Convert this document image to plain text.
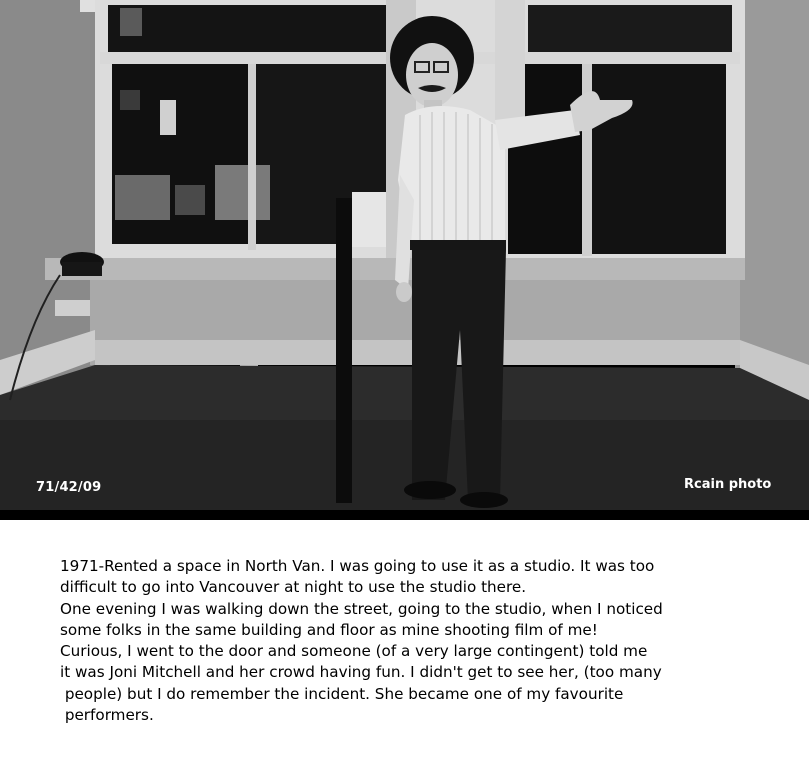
71/42/09	Rcain photo
1971-Rented a space in North Van. I was going to use it as a studio. It was too
difficult to go into Vancouver at night to use the studio there.
One evening I was walking down the street, going to the studio, when I noticed
some folks in the same building and floor as mine shooting film of me!
Curious, I went to the door and someone (of a very large contingent) told me
it was Joni Mitchell and her crowd having fun. I didn't get to see her, (too many
people) but I do remember the incident. She became one of my favourite
performers.
